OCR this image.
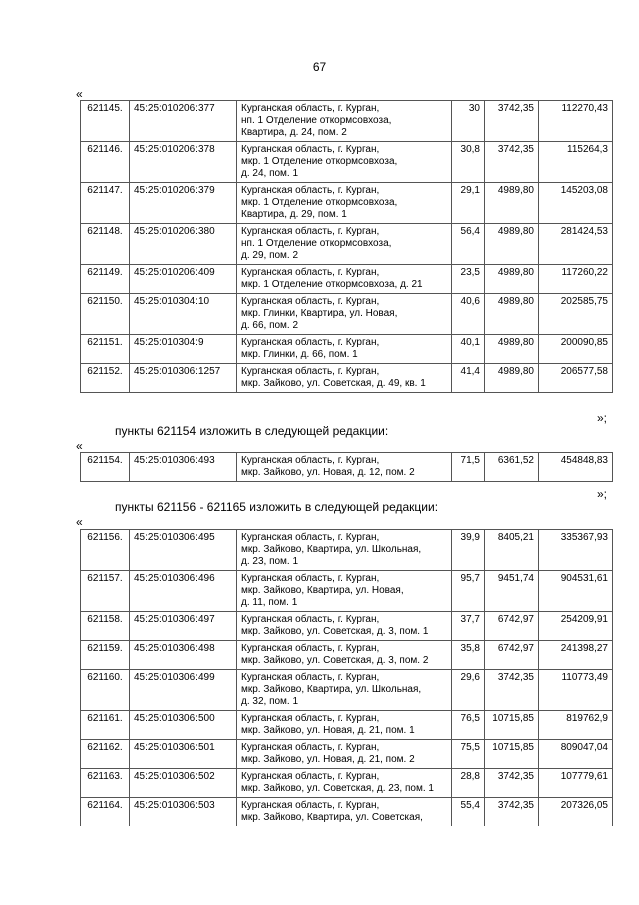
67
«
621145.	45:25:010206:377	Курганская область, г. Курган,
нп. 1 Отделение откормсовхоза,
Квартира, д. 24, пом. 2	30	3742,35	112270,43
621146.	45:25:010206:378	Курганская область, г. Курган,
мкр. 1 Отделение откормсовхоза,
д. 24, пом. 1	30,8	3742,35	115264,3
621147.	45:25:010206:379	Курганская область, г. Курган,
мкр. 1 Отделение откормсовхоза,
Квартира, д. 29, пом. 1	29,1	4989,80	145203,08
621148.	45:25:010206:380	Курганская область, г. Курган,
нп. 1 Отделение откормсовхоза,
д. 29, пом. 2	56,4	4989,80	281424,53
621149.	45:25:010206:409	Курганская область, г. Курган,
мкр. 1 Отделение откормсовхоза, д. 21	23,5	4989,80	117260,22
621150.	45:25:010304:10	Курганская область, г. Курган,
мкр. Глинки, Квартира, ул. Новая,
д. 66, пом. 2	40,6	4989,80	202585,75
621151.	45:25:010304:9	Курганская область, г. Курган,
мкр. Глинки, д. 66, пом. 1	40,1	4989,80	200090,85
621152.	45:25:010306:1257	Курганская область, г. Курган,
мкр. Зайково, ул. Советская, д. 49, кв. 1	41,4	4989,80	206577,58
»;
пункты 621154 изложить в следующей редакции:
«
621154.	45:25:010306:493	Курганская область, г. Курган,
мкр. Зайково, ул. Новая, д. 12, пом. 2
	71,5	6361,52	454848,83
»;
пункты 621156 - 621165 изложить в следующей редакции:
«
621156.	45:25:010306:495	Курганская область, г. Курган,
мкр. Зайково, Квартира, ул. Школьная,
д. 23, пом. 1	39,9	8405,21	335367,93
621157.	45:25:010306:496	Курганская область, г. Курган,
мкр. Зайково, Квартира, ул. Новая,
д. 11, пом. 1	95,7	9451,74	904531,61
621158.	45:25:010306:497	Курганская область, г. Курган,
мкр. Зайково, ул. Советская, д. 3, пом. 1	37,7	6742,97	254209,91
621159.	45:25:010306:498	Курганская область, г. Курган,
мкр. Зайково, ул. Советская, д. 3, пом. 2	35,8	6742,97	241398,27
621160.	45:25:010306:499	Курганская область, г. Курган,
мкр. Зайково, Квартира, ул. Школьная,
д. 32, пом. 1	29,6	3742,35	110773,49
621161.	45:25:010306:500	Курганская область, г. Курган,
мкр. Зайково, ул. Новая, д. 21, пом. 1	76,5	10715,85	819762,9
621162.	45:25:010306:501	Курганская область, г. Курган,
мкр. Зайково, ул. Новая, д. 21, пом. 2	75,5	10715,85	809047,04
621163.	45:25:010306:502	Курганская область, г. Курган,
мкр. Зайково, ул. Советская, д. 23, пом. 1	28,8	3742,35	107779,61
621164.	45:25:010306:503	Курганская область, г. Курган,
мкр. Зайково, Квартира, ул. Советская,	55,4	3742,35	207326,05
